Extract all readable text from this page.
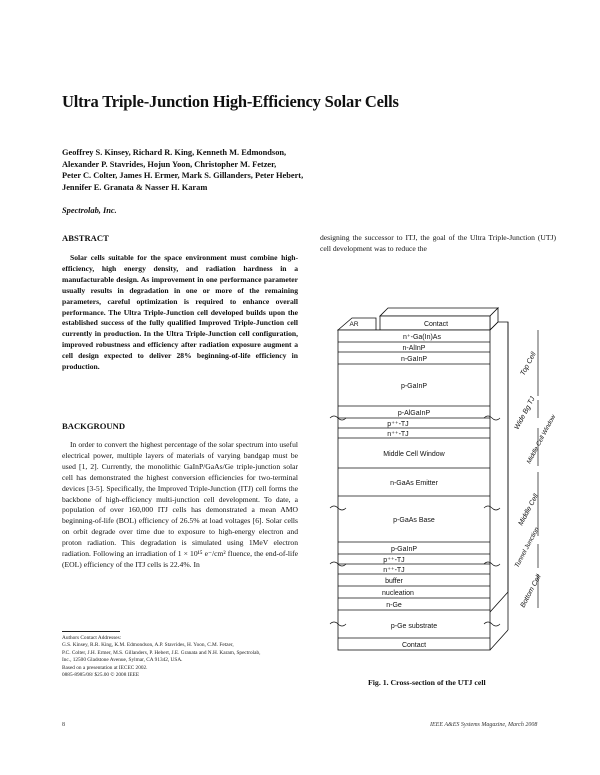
Ultra Triple-Junction High-Efficiency Solar Cells
Geoffrey S. Kinsey, Richard R. King, Kenneth M. Edmondson,
Alexander P. Stavrides, Hojun Yoon, Christopher M. Fetzer,
Peter C. Colter, James H. Ermer, Mark S. Gillanders, Peter Hebert,
Jennifer E. Granata & Nasser H. Karam
Spectrolab, Inc.
ABSTRACT

Solar cells suitable for the space environment must combine high-efficiency, high energy density, and radiation hardness in a manufacturable design. As improvement in one performance parameter usually results in degradation in one or more of the remaining parameters, careful optimization is required to enhance overall performance. The Ultra Triple-Junction cell developed builds upon the established success of the fully qualified Improved Triple-Junction cell currently in production. In the Ultra Triple-Junction cell configuration, improved robustness and efficiency after radiation exposure augment a cell design expected to deliver 28% beginning-of-life efficiency in production.

BACKGROUND

In order to convert the highest percentage of the solar spectrum into useful electrical power, multiple layers of materials of varying bandgap must be used [1, 2]. Currently, the monolithic GaInP/GaAs/Ge triple-junction solar cell has demonstrated the highest conversion efficiencies for two-terminal devices [3-5]. Specifically, the Improved Triple-Junction (ITJ) cell forms the backbone of high-efficiency multi-junction cell development. To date, a population of over 160,000 ITJ cells has demonstrated a mean AMO beginning-of-life (BOL) efficiency of 26.5% at load voltages [6]. Solar cells on orbit degrade over time due to exposure to high-energy electron and proton radiation. This degradation is simulated using 1MeV electron radiation. Following an irradiation of 1 × 10¹⁵ e⁻/cm² fluence, the end-of-life (EOL) efficiency of the ITJ cells is 22.4%. In

designing the successor to ITJ, the goal of the Ultra Triple-Junction (UTJ) cell development was to reduce the

AR	Contact
n⁺-Ga(In)As
n-AlInP
n-GaInP
p-GaInP
p-AlGaInP
p⁺⁺-TJ
n⁺⁺-TJ
Middle Cell Window
n-GaAs Emitter
p-GaAs Base
p-GaInP
p⁺⁺-TJ
n⁺⁺-TJ
buffer
nucleation
n-Ge
p-Ge substrate
Contact
Top Cell
Wide Bg TJ
Middle Cell Window
Middle Cell
Tunnel Junction
Bottom Cell
Fig. 1. Cross-section of the UTJ cell
Authors Contact Addresses:
G.S. Kinsey, R.R. King, K.M. Edmondson, A.P. Stavrides, H. Yoon, C.M. Fetzer,
P.C. Colter, J.H. Ermer, M.S. Gillanders, P. Hebert, J.E. Granata and N.H. Karam, Spectrolab,
Inc., 12500 Gladstone Avenue, Sylmar, CA 91342, USA.
Based on a presentation at IECEC 2002.
0885-8985/08/ $25.00 © 2008 IEEE
8	IEEE A&ES Systems Magazine, March 2008
